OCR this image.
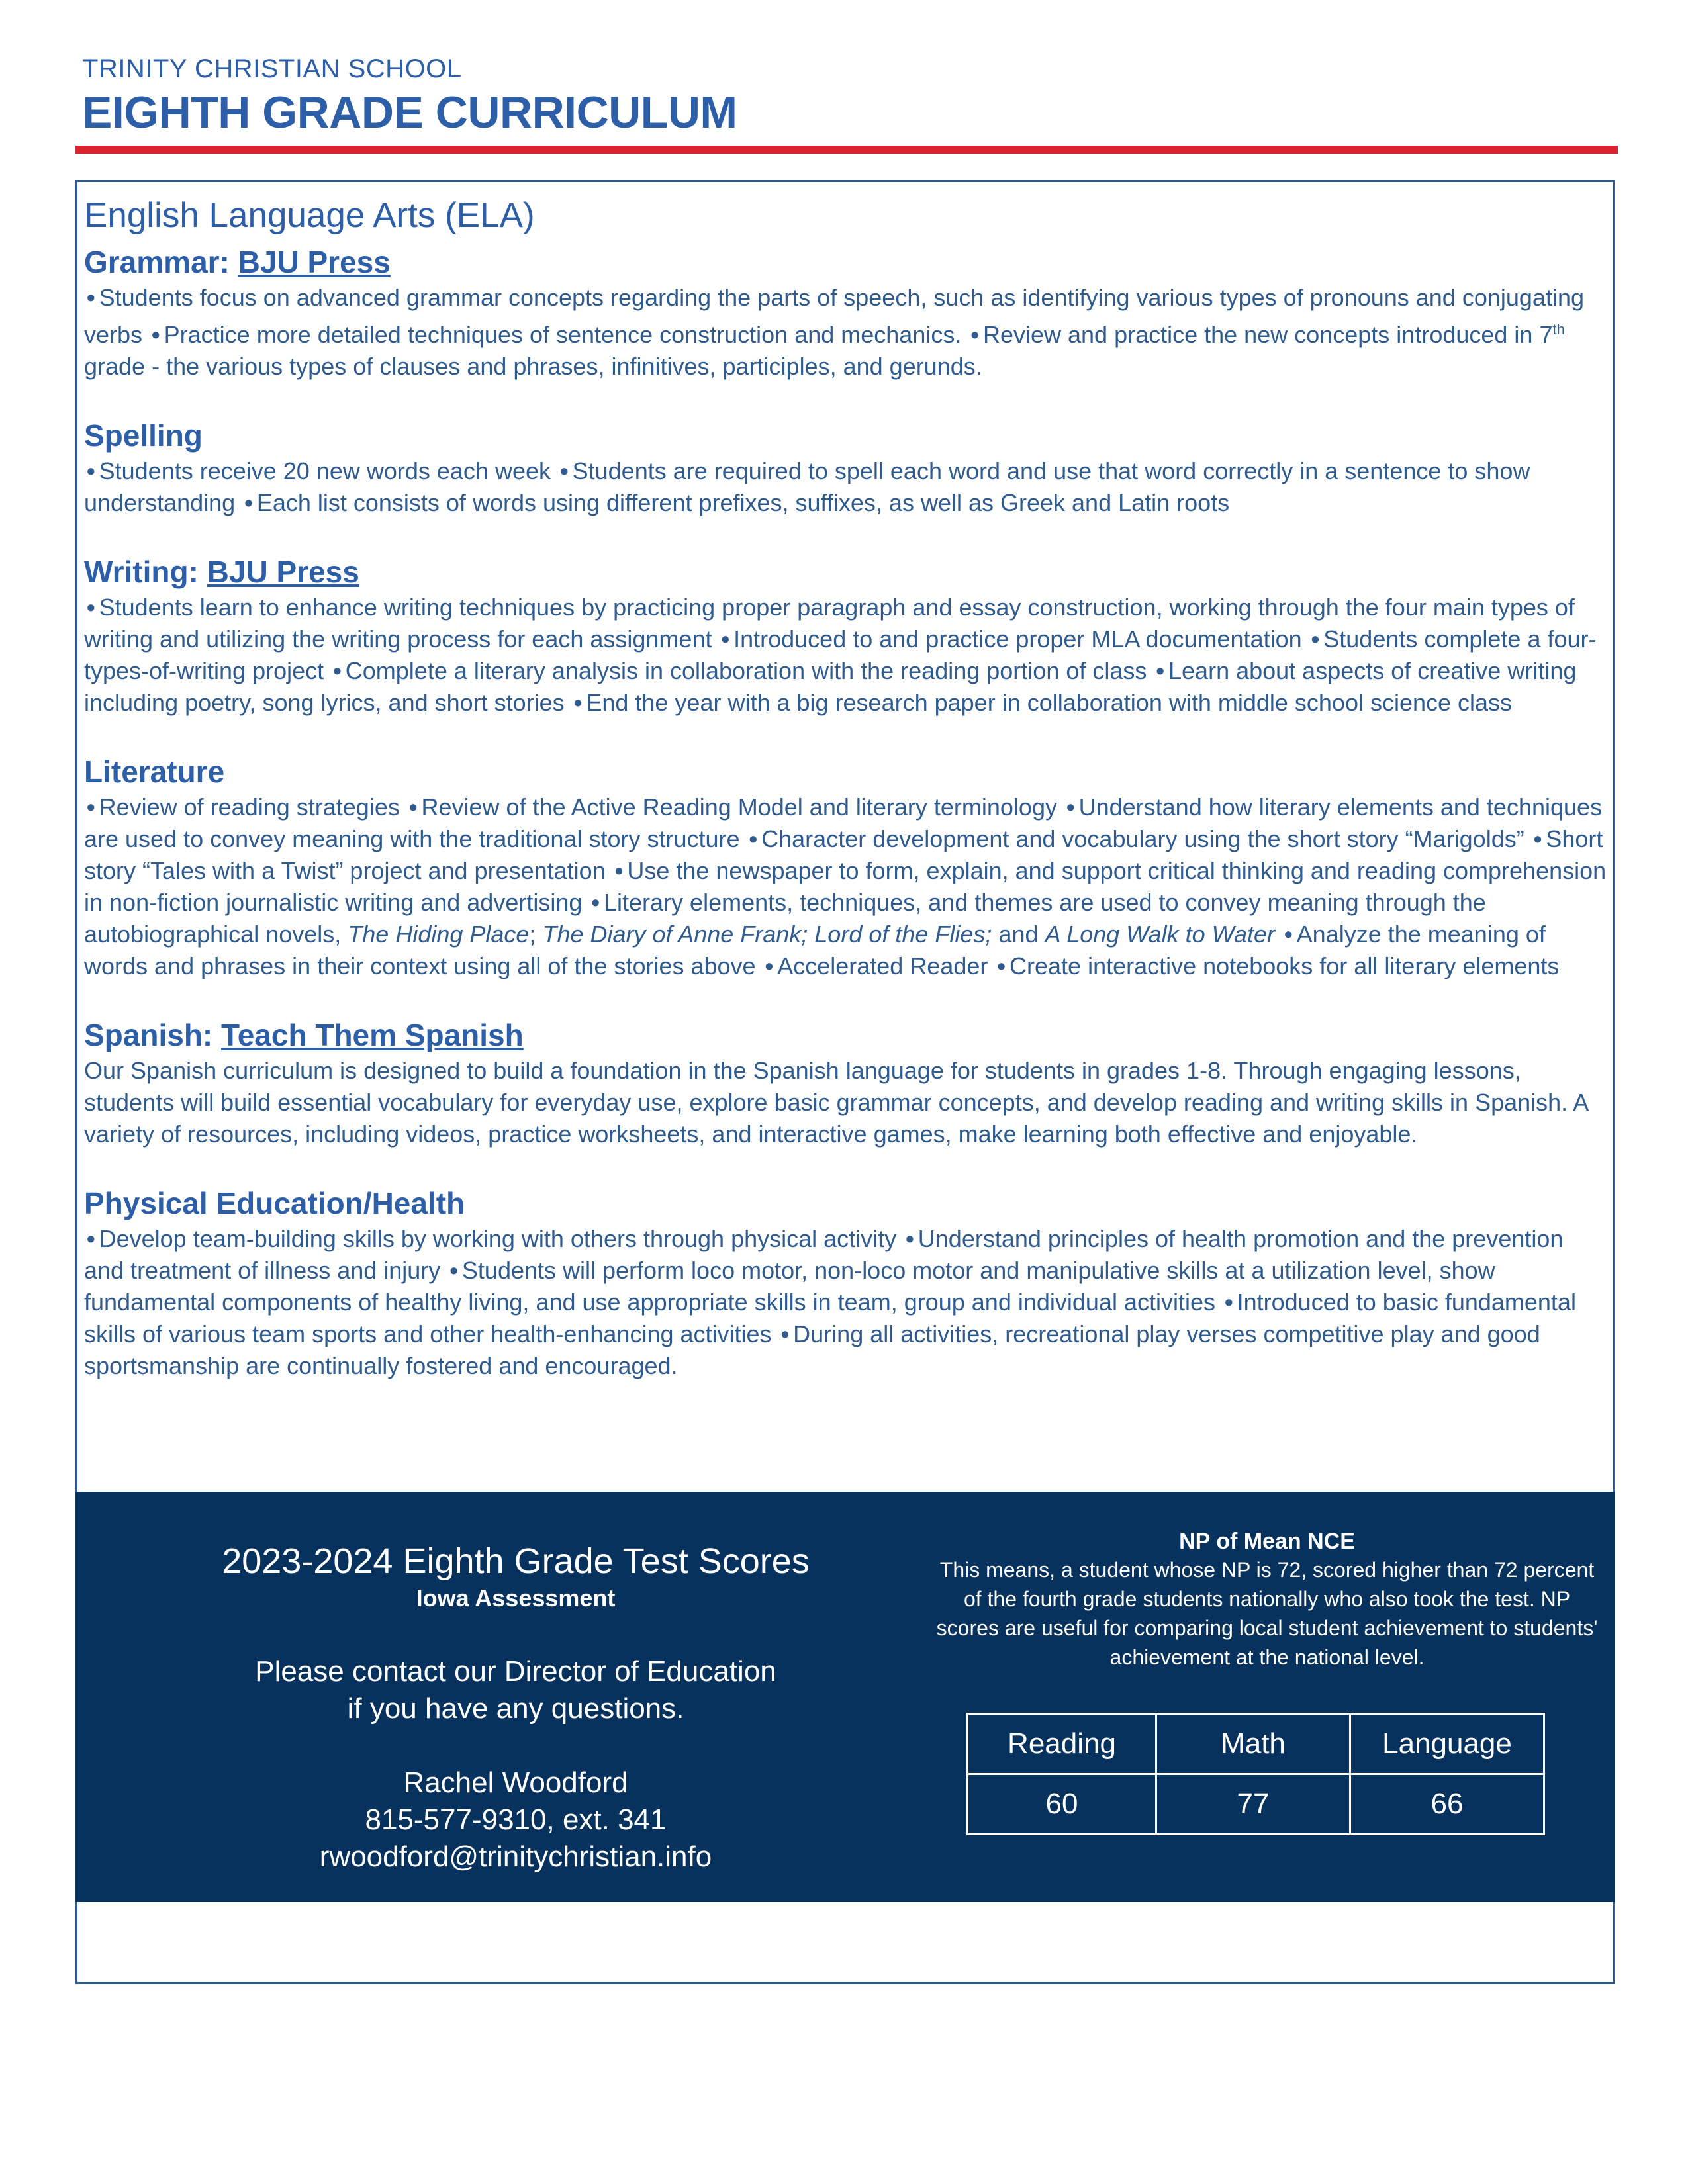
TRINITY CHRISTIAN SCHOOL
EIGHTH GRADE CURRICULUM
English Language Arts (ELA)
Grammar: BJU Press

• Students focus on advanced grammar concepts regarding the parts of speech, such as identifying various types of pronouns and conjugating verbs • Practice more detailed techniques of sentence construction and mechanics. • Review and practice the new concepts introduced in 7th grade - the various types of clauses and phrases, infinitives, participles, and gerunds.

Spelling

• Students receive 20 new words each week • Students are required to spell each word and use that word correctly in a sentence to show understanding • Each list consists of words using different prefixes, suffixes, as well as Greek and Latin roots

Writing: BJU Press

• Students learn to enhance writing techniques by practicing proper paragraph and essay construction, working through the four main types of writing and utilizing the writing process for each assignment • Introduced to and practice proper MLA documentation • Students complete a four-types-of-writing project • Complete a literary analysis in collaboration with the reading portion of class • Learn about aspects of creative writing including poetry, song lyrics, and short stories • End the year with a big research paper in collaboration with middle school science class

Literature

• Review of reading strategies • Review of the Active Reading Model and literary terminology • Understand how literary elements and techniques are used to convey meaning with the traditional story structure • Character development and vocabulary using the short story “Marigolds” • Short story “Tales with a Twist” project and presentation • Use the newspaper to form, explain, and support critical thinking and reading comprehension in non-fiction journalistic writing and advertising • Literary elements, techniques, and themes are used to convey meaning through the autobiographical novels, The Hiding Place; The Diary of Anne Frank; Lord of the Flies; and A Long Walk to Water • Analyze the meaning of words and phrases in their context using all of the stories above • Accelerated Reader • Create interactive notebooks for all literary elements

Spanish: Teach Them Spanish

Our Spanish curriculum is designed to build a foundation in the Spanish language for students in grades 1-8. Through engaging lessons, students will build essential vocabulary for everyday use, explore basic grammar concepts, and develop reading and writing skills in Spanish. A variety of resources, including videos, practice worksheets, and interactive games, make learning both effective and enjoyable.

Physical Education/Health

• Develop team-building skills by working with others through physical activity • Understand principles of health promotion and the prevention and treatment of illness and injury • Students will perform loco motor, non-loco motor and manipulative skills at a utilization level, show fundamental components of healthy living, and use appropriate skills in team, group and individual activities • Introduced to basic fundamental skills of various team sports and other health-enhancing activities • During all activities, recreational play verses competitive play and good sportsmanship are continually fostered and encouraged.

2023-2024 Eighth Grade Test Scores
Iowa Assessment
Please contact our Director of Education
if you have any questions.
Rachel Woodford
815-577-9310, ext. 341
rwoodford@trinitychristian.info
NP of Mean NCE
This means, a student whose NP is 72, scored higher than 72 percent of the fourth grade students nationally who also took the test. NP scores are useful for comparing local student achievement to students' achievement at the national level.
Reading	Math	Language
60	77	66
